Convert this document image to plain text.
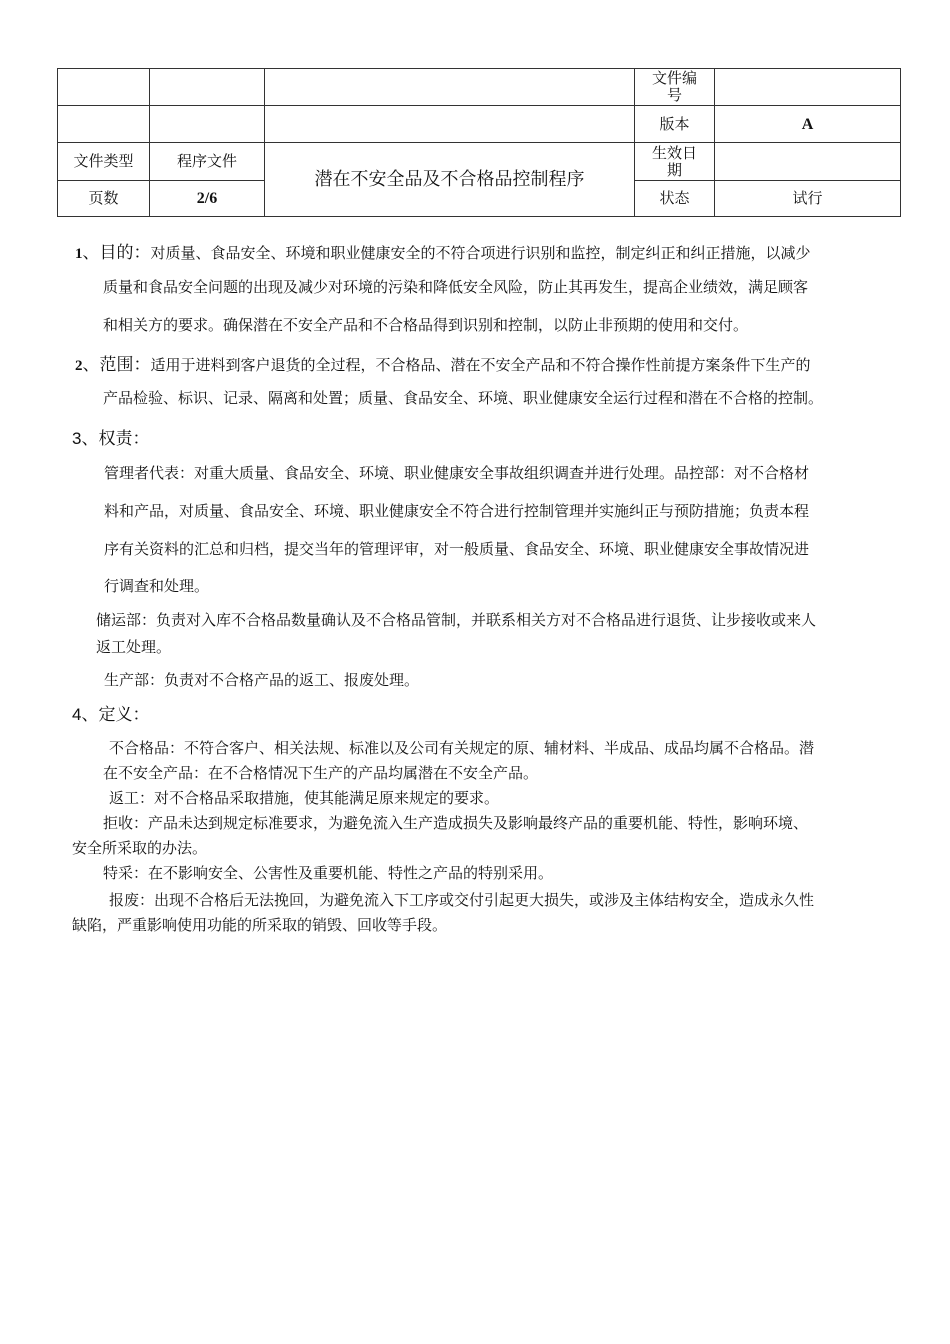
			文件编号	
			版本	A
文件类型	程序文件	潜在不安全品及不合格品控制程序	生效日期	
页数	2/6		状态	试行
1、目的：对质量、食品安全、环境和职业健康安全的不符合项进行识别和监控，制定纠正和纠正措施，以减少
质量和食品安全问题的出现及减少对环境的污染和降低安全风险，防止其再发生，提高企业绩效，满足顾客
和相关方的要求。确保潜在不安全产品和不合格品得到识别和控制，以防止非预期的使用和交付。
2、范围：适用于进料到客户退货的全过程，不合格品、潜在不安全产品和不符合操作性前提方案条件下生产的
产品检验、标识、记录、隔离和处置；质量、食品安全、环境、职业健康安全运行过程和潜在不合格的控制。
3、权责：
管理者代表：对重大质量、食品安全、环境、职业健康安全事故组织调查并进行处理。品控部：对不合格材
料和产品，对质量、食品安全、环境、职业健康安全不符合进行控制管理并实施纠正与预防措施；负责本程
序有关资料的汇总和归档，提交当年的管理评审，对一般质量、食品安全、环境、职业健康安全事故情况进
行调查和处理。
储运部：负责对入库不合格品数量确认及不合格品管制，并联系相关方对不合格品进行退货、让步接收或来人
返工处理。
生产部：负责对不合格产品的返工、报废处理。
4、定义：
不合格品：不符合客户、相关法规、标准以及公司有关规定的原、辅材料、半成品、成品均属不合格品。潜
在不安全产品：在不合格情况下生产的产品均属潜在不安全产品。
返工：对不合格品采取措施，使其能满足原来规定的要求。
拒收：产品未达到规定标准要求，为避免流入生产造成损失及影响最终产品的重要机能、特性，影响环境、
安全所采取的办法。
特采：在不影响安全、公害性及重要机能、特性之产品的特别采用。
报废：出现不合格后无法挽回，为避免流入下工序或交付引起更大损失，或涉及主体结构安全，造成永久性
缺陷，严重影响使用功能的所采取的销毁、回收等手段。
